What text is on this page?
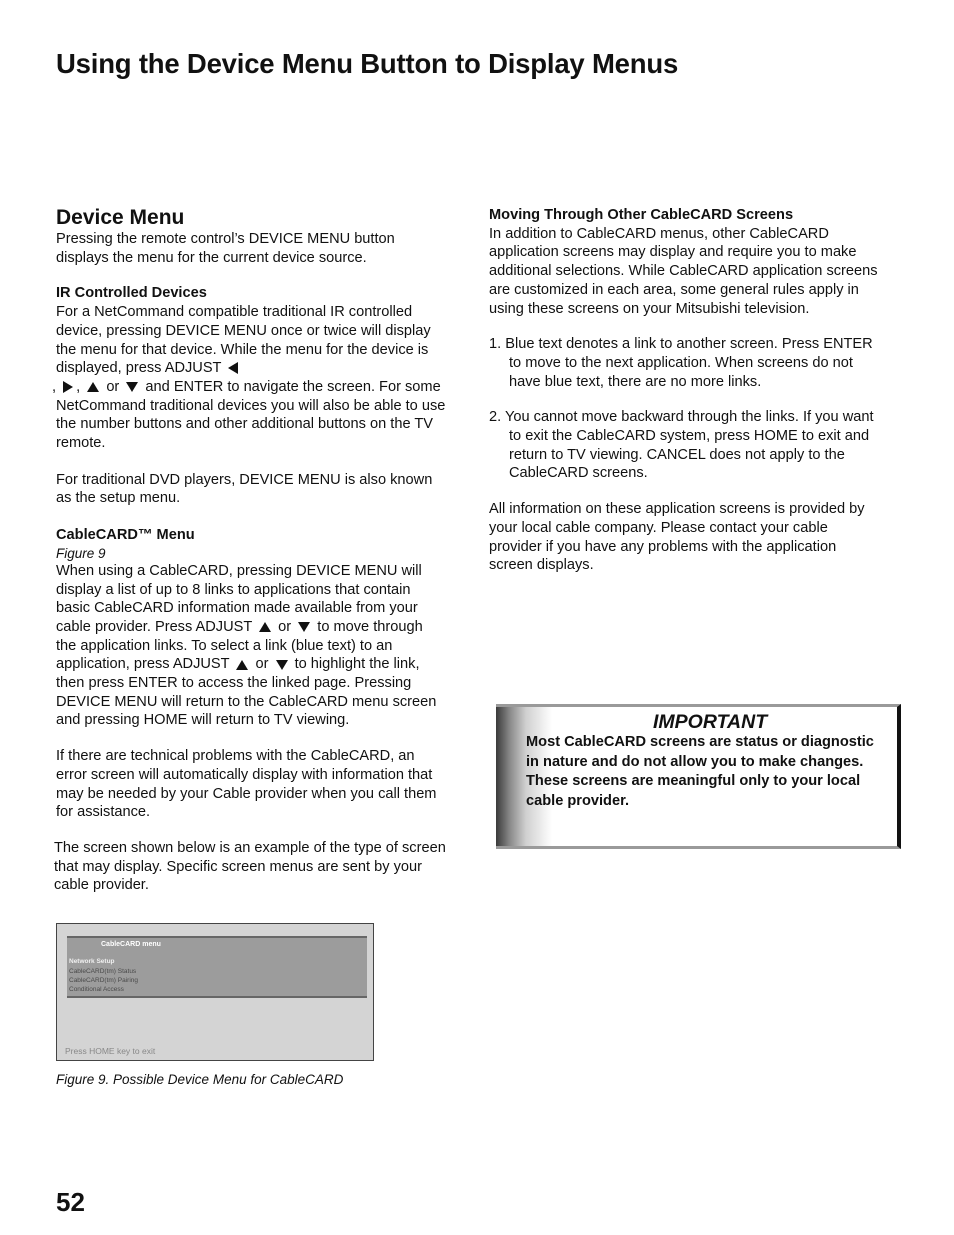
Using the Device Menu Button to Display Menus
Device Menu

Pressing the remote control’s DEVICE MENU button displays the menu for the current device source.

IR Controlled Devices

For a NetCommand compatible traditional IR controlled device, pressing DEVICE MENU once or twice will display the menu for that device. While the menu for the device is displayed, press ADJUST
, , or and ENTER to navigate the screen. For some NetCommand traditional devices you will also be able to use the number buttons and other additional buttons on the TV remote.

For traditional DVD players, DEVICE MENU is also known as the setup menu.

CableCARD™ Menu

Figure 9

When using a CableCARD, pressing DEVICE MENU will display a list of up to 8 links to applications that contain basic CableCARD information made available from your cable provider. Press ADJUST or to move through the application links. To select a link (blue text) to an application, press ADJUST or to highlight the link, then press ENTER to access the linked page. Pressing DEVICE MENU will return to the CableCARD menu screen and pressing HOME will return to TV viewing.

If there are technical problems with the CableCARD, an error screen will automatically display with information that may be needed by your Cable provider when you call them for assistance.

The screen shown below is an example of the type of screen that may display. Specific screen menus are sent by your cable provider.

CableCARD menu
Network Setup
CableCARD(tm) Status
CableCARD(tm) Pairing
Conditional Access
Press HOME key to exit
Figure 9. Possible Device Menu for CableCARD

Moving Through Other CableCARD Screens

In addition to CableCARD menus, other CableCARD application screens may display and require you to make additional selections. While CableCARD application screens are customized in each area, some general rules apply in using these screens on your Mitsubishi television.

1. Blue text denotes a link to another screen. Press ENTER to move to the next application. When screens do not have blue text, there are no more links.

2. You cannot move backward through the links. If you want to exit the CableCARD system, press HOME to exit and return to TV viewing. CANCEL does not apply to the CableCARD screens.

All information on these application screens is provided by your local cable company. Please contact your cable provider if you have any problems with the application screen displays.

IMPORTANT
Most CableCARD screens are status or diagnostic in nature and do not allow you to make changes. These screens are meaningful only to your local cable provider.

52
